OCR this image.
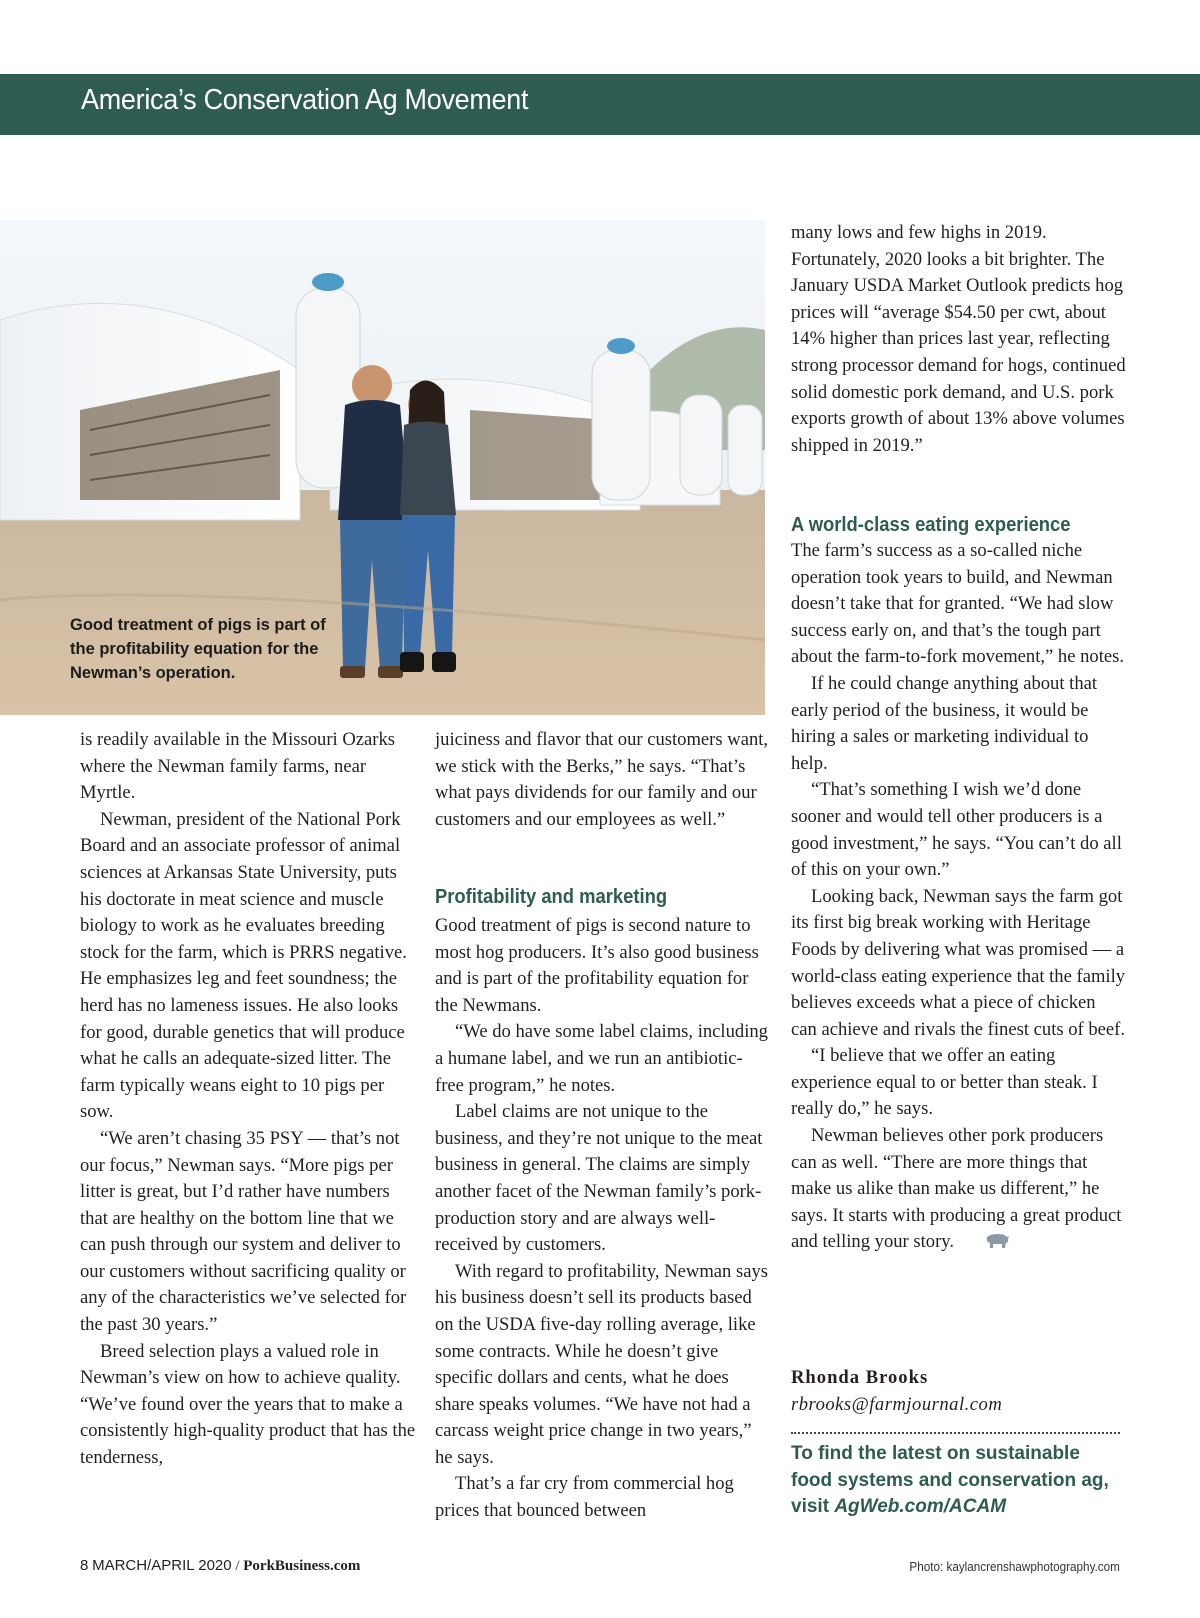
America’s Conservation Ag Movement

Good treatment of pigs is part of the profitability equation for the Newman’s operation.

many lows and few highs in 2019. Fortunately, 2020 looks a bit brighter. The January USDA Market Outlook predicts hog prices will “average $54.50 per cwt, about 14% higher than prices last year, reflecting strong processor demand for hogs, continued solid domestic pork demand, and U.S. pork exports growth of about 13% above volumes shipped in 2019.”

A world-class eating experience

The farm’s success as a so-called niche operation took years to build, and Newman doesn’t take that for granted. “We had slow success early on, and that’s the tough part about the farm-to-fork movement,” he notes.

If he could change anything about that early period of the business, it would be hiring a sales or marketing individual to help.

“That’s something I wish we’d done sooner and would tell other producers is a good investment,” he says. “You can’t do all of this on your own.”

Looking back, Newman says the farm got its first big break working with Heritage Foods by delivering what was promised — a world-class eating experience that the family believes exceeds what a piece of chicken can achieve and rivals the finest cuts of beef.

“I believe that we offer an eating experience equal to or better than steak. I really do,” he says.

Newman believes other pork producers can as well. “There are more things that make us alike than make us different,” he says. It starts with producing a great product and telling your story.

is readily available in the Missouri Ozarks where the Newman family farms, near Myrtle.

Newman, president of the National Pork Board and an associate professor of animal sciences at Arkansas State University, puts his doctorate in meat science and muscle biology to work as he evaluates breeding stock for the farm, which is PRRS negative. He emphasizes leg and feet soundness; the herd has no lameness issues. He also looks for good, durable genetics that will produce what he calls an adequate-sized litter. The farm typically weans eight to 10 pigs per sow.

“We aren’t chasing 35 PSY — that’s not our focus,” Newman says. “More pigs per litter is great, but I’d rather have numbers that are healthy on the bottom line that we can push through our system and deliver to our customers without sacrificing quality or any of the characteristics we’ve selected for the past 30 years.”

Breed selection plays a valued role in Newman’s view on how to achieve quality. “We’ve found over the years that to make a consistently high-quality product that has the tenderness,

juiciness and flavor that our customers want, we stick with the Berks,” he says. “That’s what pays dividends for our family and our customers and our employees as well.”

Profitability and marketing

Good treatment of pigs is second nature to most hog producers. It’s also good business and is part of the profitability equation for the Newmans.

“We do have some label claims, including a humane label, and we run an antibiotic-free program,” he notes.

Label claims are not unique to the business, and they’re not unique to the meat business in general. The claims are simply another facet of the Newman family’s pork-production story and are always well-received by customers.

With regard to profitability, Newman says his business doesn’t sell its products based on the USDA five-day rolling average, like some contracts. While he doesn’t give specific dollars and cents, what he does share speaks volumes. “We have not had a carcass weight price change in two years,” he says.

That’s a far cry from commercial hog prices that bounced between

Rhonda Brooks

rbrooks@farmjournal.com

To find the latest on sustainable food systems and conservation ag, visit AgWeb.com/ACAM

8 MARCH/APRIL 2020 / PorkBusiness.com	Photo: kaylancrenshawphotography.com
